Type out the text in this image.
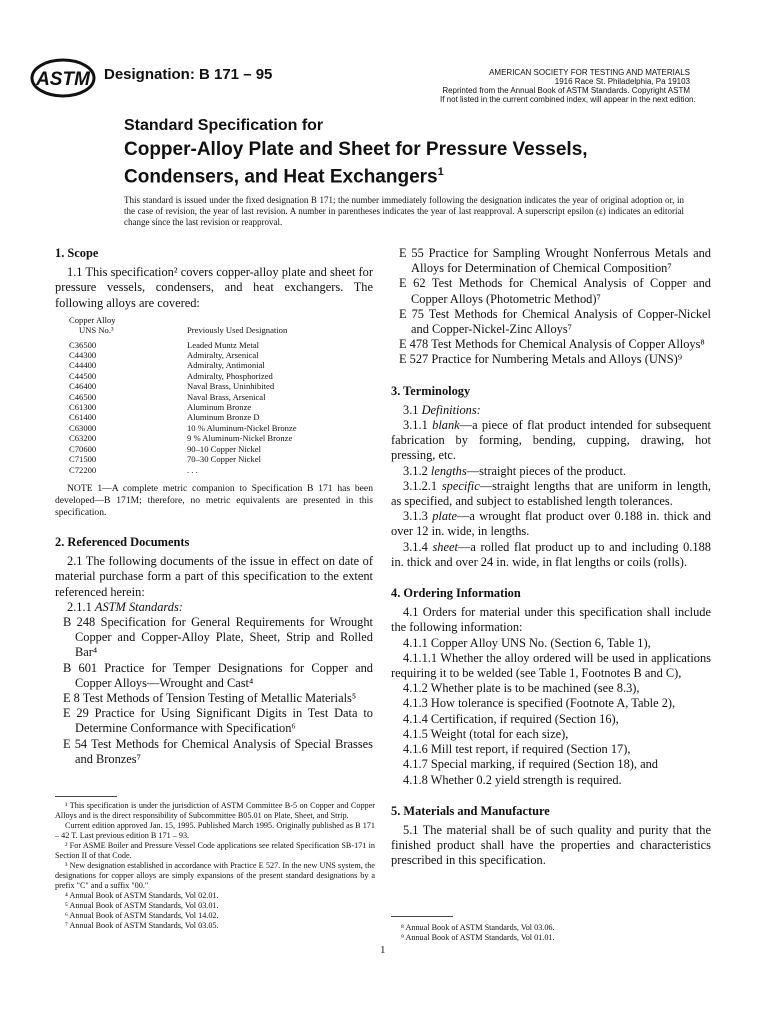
ASTM Designation: B 171 – 95	AMERICAN SOCIETY FOR TESTING AND MATERIALS
1916 Race St. Philadelphia, Pa 19103
Reprinted from the Annual Book of ASTM Standards. Copyright ASTM
If not listed in the current combined index, will appear in the next edition.
Standard Specification for
Copper-Alloy Plate and Sheet for Pressure Vessels,
Condensers, and Heat Exchangers$^1$
This standard is issued under the fixed designation B 171; the number immediately following the designation indicates the year of original adoption or, in the case of revision, the year of last revision. A number in parentheses indicates the year of last reapproval. A superscript epsilon (ε) indicates an editorial change since the last revision or reapproval.
1. Scope

1.1 This specification² covers copper-alloy plate and sheet for pressure vessels, condensers, and heat exchangers. The following alloys are covered:

Copper Alloy
UNS No.³	Previously Used Designation
C36500	Leaded Muntz Metal
C44300	Admiralty, Arsenical
C44400	Admiralty, Antimonial
C44500	Admiralty, Phosphorized
C46400	Naval Brass, Uninhibited
C46500	Naval Brass, Arsenical
C61300	Aluminum Bronze
C61400	Aluminum Bronze D
C63000	10 % Aluminum-Nickel Bronze
C63200	9 % Aluminum-Nickel Bronze
C70600	90–10 Copper Nickel
C71500	70–30 Copper Nickel
C72200	. . .
NOTE 1—A complete metric companion to Specification B 171 has been developed—B 171M; therefore, no metric equivalents are presented in this specification.
2. Referenced Documents

2.1 The following documents of the issue in effect on date of material purchase form a part of this specification to the extent referenced herein:

2.1.1 ASTM Standards:

B 248 Specification for General Requirements for Wrought Copper and Copper-Alloy Plate, Sheet, Strip and Rolled Bar⁴

B 601 Practice for Temper Designations for Copper and Copper Alloys—Wrought and Cast⁴

E 8 Test Methods of Tension Testing of Metallic Materials⁵

E 29 Practice for Using Significant Digits in Test Data to Determine Conformance with Specification⁶

E 54 Test Methods for Chemical Analysis of Special Brasses and Bronzes⁷

E 55 Practice for Sampling Wrought Nonferrous Metals and Alloys for Determination of Chemical Composition⁷

E 62 Test Methods for Chemical Analysis of Copper and Copper Alloys (Photometric Method)⁷

E 75 Test Methods for Chemical Analysis of Copper-Nickel and Copper-Nickel-Zinc Alloys⁷

E 478 Test Methods for Chemical Analysis of Copper Alloys⁸

E 527 Practice for Numbering Metals and Alloys (UNS)⁹

3. Terminology

3.1 Definitions:

3.1.1 blank—a piece of flat product intended for subsequent fabrication by forming, bending, cupping, drawing, hot pressing, etc.

3.1.2 lengths—straight pieces of the product.

3.1.2.1 specific—straight lengths that are uniform in length, as specified, and subject to established length tolerances.

3.1.3 plate—a wrought flat product over 0.188 in. thick and over 12 in. wide, in lengths.

3.1.4 sheet—a rolled flat product up to and including 0.188 in. thick and over 24 in. wide, in flat lengths or coils (rolls).

4. Ordering Information

4.1 Orders for material under this specification shall include the following information:

4.1.1 Copper Alloy UNS No. (Section 6, Table 1),

4.1.1.1 Whether the alloy ordered will be used in applications requiring it to be welded (see Table 1, Footnotes B and C),

4.1.2 Whether plate is to be machined (see 8.3),

4.1.3 How tolerance is specified (Footnote A, Table 2),

4.1.4 Certification, if required (Section 16),

4.1.5 Weight (total for each size),

4.1.6 Mill test report, if required (Section 17),

4.1.7 Special marking, if required (Section 18), and

4.1.8 Whether 0.2 yield strength is required.

5. Materials and Manufacture

5.1 The material shall be of such quality and purity that the finished product shall have the properties and characteristics prescribed in this specification.

¹ This specification is under the jurisdiction of ASTM Committee B-5 on Copper and Copper Alloys and is the direct responsibility of Subcommittee B05.01 on Plate, Sheet, and Strip.
Current edition approved Jan. 15, 1995. Published March 1995. Originally published as B 171 – 42 T. Last previous edition B 171 – 93.
² For ASME Boiler and Pressure Vessel Code applications see related Specification SB-171 in Section II of that Code.
³ New designation established in accordance with Practice E 527. In the new UNS system, the designations for copper alloys are simply expansions of the present standard designations by a prefix "C" and a suffix "00."
⁴ Annual Book of ASTM Standards, Vol 02.01.
⁵ Annual Book of ASTM Standards, Vol 03.01.
⁶ Annual Book of ASTM Standards, Vol 14.02.
⁷ Annual Book of ASTM Standards, Vol 03.05.	⁸ Annual Book of ASTM Standards, Vol 03.06.
⁹ Annual Book of ASTM Standards, Vol 01.01.
1
